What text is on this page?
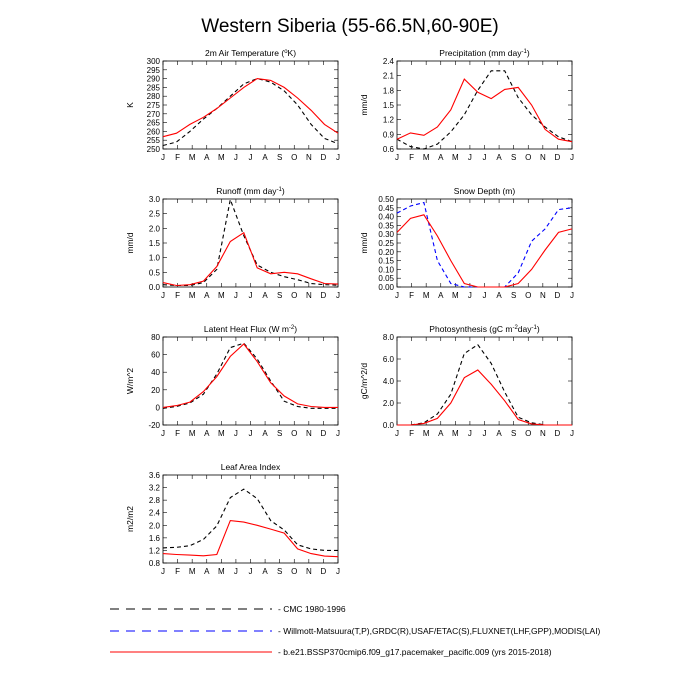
Western Siberia (55-66.5N,60-90E)
2m Air Temperature ($^o$K)
J F M A M J J A S O N D J
250
255
260
265
270
275
280
285
290
295
300
K
Precipitation (mm day$^{-1}$)
J F M A M J J A S O N D J
0.6
0.9
1.2
1.5
1.8
2.1
2.4
mm/d
Runoff (mm day$^{-1}$)
J F M A M J J A S O N D J
0.0
0.5
1.0
1.5
2.0
2.5
3.0
mm/d
Snow Depth (m)
J F M A M J J A S O N D J
0.00
0.05
0.10
0.15
0.20
0.25
0.30
0.35
0.40
0.45
0.50
mm/d
Latent Heat Flux (W $m^{-2}$)
J F M A M J J A S O N D J
-20
0
20
40
60
80
W/m^2
Photosynthesis (gC $m^{-2}day^{-1}$)
J F M A M J J A S O N D J
0.0
2.0
4.0
6.0
8.0
gC/m^2/d
Leaf Area Index
J F M A M J J A S O N D J
0.8
1.2
1.6
2.0
2.4
2.8
3.2
3.6
m2/m2
- CMC 1980-1996
- Willmott-Matsuura(T,P),GRDC(R),USAF/ETAC(S),FLUXNET(LHF,GPP),MODIS(LAI)
- b.e21.BSSP370cmip6.f09_g17.pacemaker_pacific.009 (yrs 2015-2018)
